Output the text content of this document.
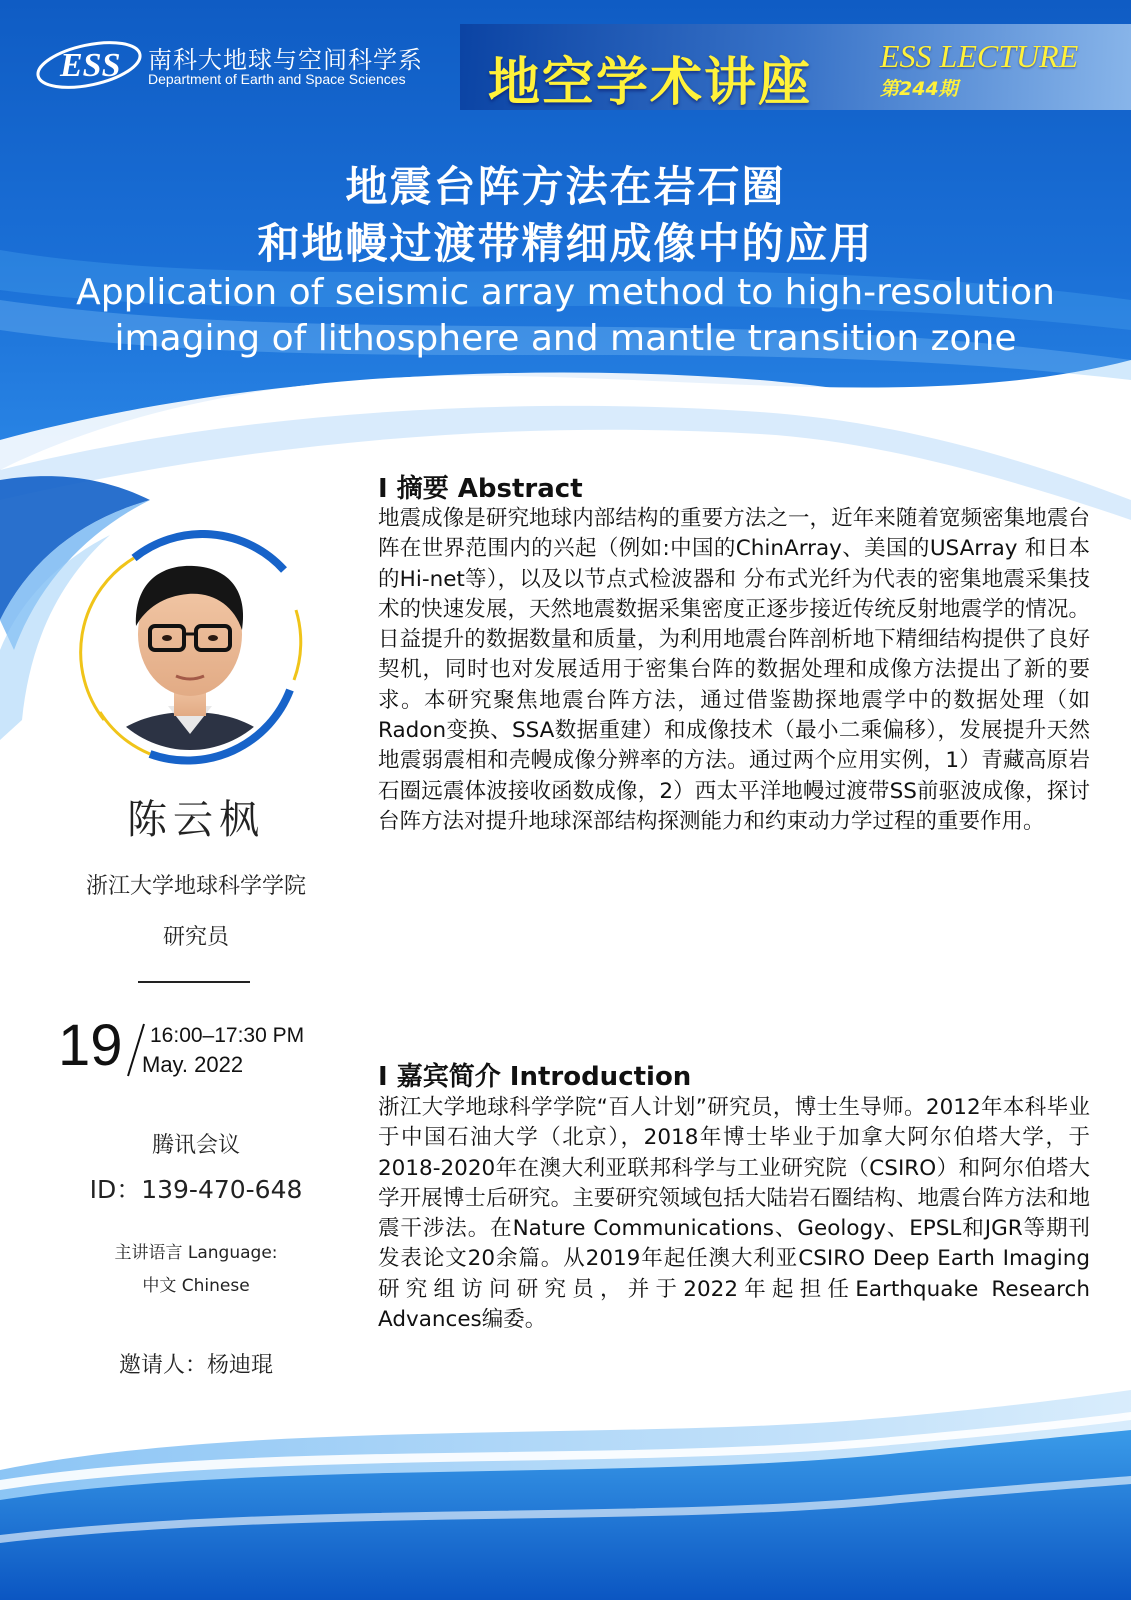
ESS 南科大地球与空间科学系
Department of Earth and Space Sciences 地空学术讲座 ESS LECTURE
第244期
地震台阵方法在岩石圈
和地幔过渡带精细成像中的应用
Application of seismic array method to high-resolution
imaging of lithosphere and mantle transition zone
陈云枫
浙江大学地球科学学院
研究员
19 16:00–17:30 PM
May. 2022
腾讯会议
ID：139-470-648
主讲语言 Language:
中文 Chinese
邀请人：杨迪琨
I 摘要 Abstract
地震成像是研究地球内部结构的重要方法之一，近年来随着宽频密集地震台阵在世界范围内的兴起（例如:中国的ChinArray、美国的USArray 和日本的Hi-net等），以及以节点式检波器和 分布式光纤为代表的密集地震采集技术的快速发展，天然地震数据采集密度正逐步接近传统反射地震学的情况。日益提升的数据数量和质量，为利用地震台阵剖析地下精细结构提供了良好契机，同时也对发展适用于密集台阵的数据处理和成像方法提出了新的要求。本研究聚焦地震台阵方法，通过借鉴勘探地震学中的数据处理（如Radon变换、SSA数据重建）和成像技术（最小二乘偏移），发展提升天然地震弱震相和壳幔成像分辨率的方法。通过两个应用实例，1）青藏高原岩石圈远震体波接收函数成像，2）西太平洋地幔过渡带SS前驱波成像，探讨台阵方法对提升地球深部结构探测能力和约束动力学过程的重要作用。
I 嘉宾简介 Introduction
浙江大学地球科学学院“百人计划”研究员，博士生导师。2012年本科毕业于中国石油大学（北京），2018年博士毕业于加拿大阿尔伯塔大学，于2018-2020年在澳大利亚联邦科学与工业研究院（CSIRO）和阿尔伯塔大学开展博士后研究。主要研究领域包括大陆岩石圈结构、地震台阵方法和地震干涉法。在Nature Communications、Geology、EPSL和JGR等期刊发表论文20余篇。从2019年起任澳大利亚CSIRO Deep Earth Imaging研究组访问研究员，并于2022年起担任Earthquake Research Advances编委。
